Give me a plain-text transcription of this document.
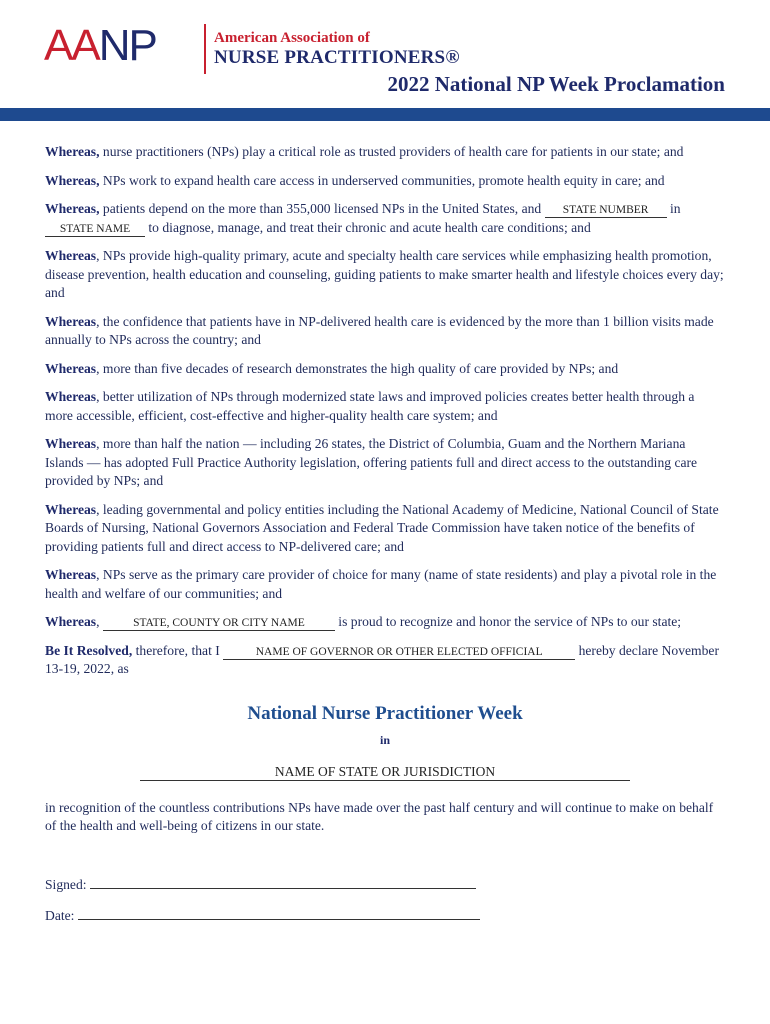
AANP	American Association of
NURSE PRACTITIONERS®
2022 National NP Week Proclamation

Whereas, nurse practitioners (NPs) play a critical role as trusted providers of health care for patients in our state; and

Whereas, NPs work to expand health care access in underserved communities, promote health equity in care; and

Whereas, patients depend on the more than 355,000 licensed NPs in the United States, and STATE NUMBER in STATE NAME to diagnose, manage, and treat their chronic and acute health care conditions; and

Whereas, NPs provide high-quality primary, acute and specialty health care services while emphasizing health promotion, disease prevention, health education and counseling, guiding patients to make smarter health and lifestyle choices every day; and

Whereas, the confidence that patients have in NP-delivered health care is evidenced by the more than 1 billion visits made annually to NPs across the country; and

Whereas, more than five decades of research demonstrates the high quality of care provided by NPs; and

Whereas, better utilization of NPs through modernized state laws and improved policies creates better health through a more accessible, efficient, cost-effective and higher-quality health care system; and

Whereas, more than half the nation — including 26 states, the District of Columbia, Guam and the Northern Mariana Islands — has adopted Full Practice Authority legislation, offering patients full and direct access to the outstanding care provided by NPs; and

Whereas, leading governmental and policy entities including the National Academy of Medicine, National Council of State Boards of Nursing, National Governors Association and Federal Trade Commission have taken notice of the benefits of providing patients full and direct access to NP-delivered care; and

Whereas, NPs serve as the primary care provider of choice for many (name of state residents) and play a pivotal role in the health and welfare of our communities; and

Whereas,	STATE, COUNTY OR CITY NAME is proud to recognize and honor the service of NPs to our state;

Be It Resolved, therefore, that I	NAME OF GOVERNOR OR OTHER ELECTED OFFICIAL hereby declare November 13-19, 2022, as

National Nurse Practitioner Week
in
NAME OF STATE OR JURISDICTION

in recognition of the countless contributions NPs have made over the past half century and will continue to make on behalf of the health and well-being of citizens in our state.

Signed:
Date:
